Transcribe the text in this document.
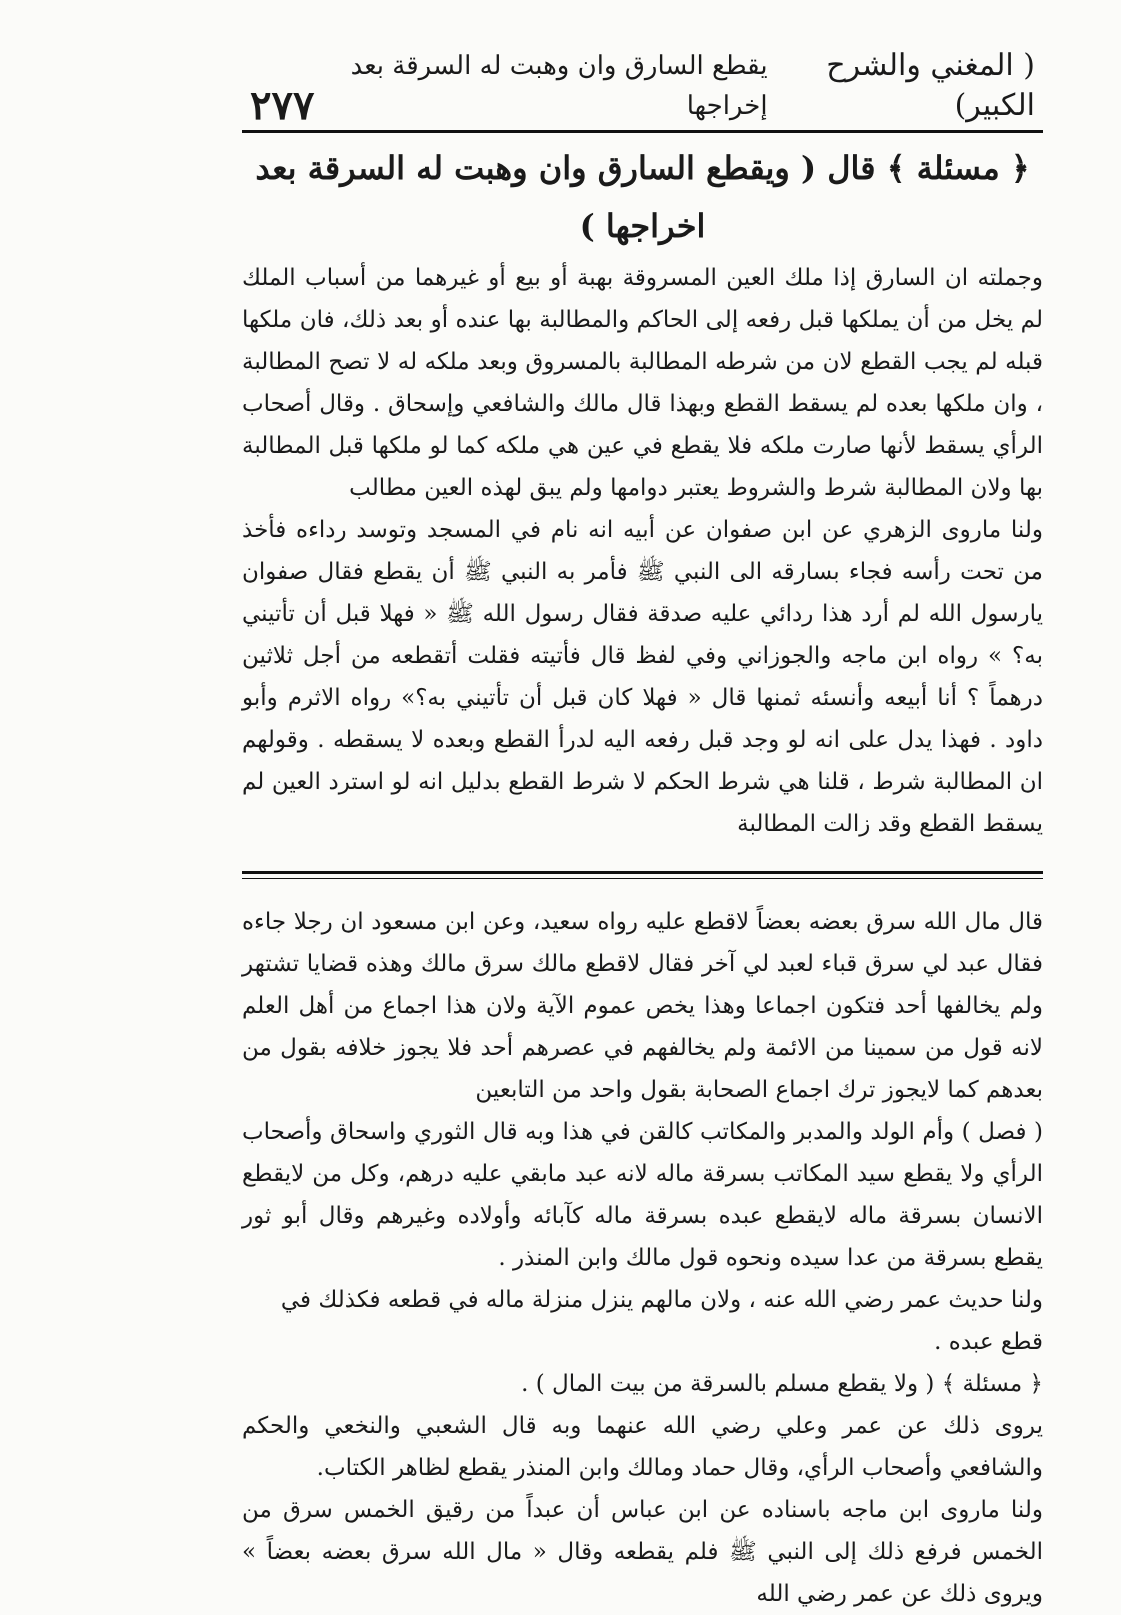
( المغني والشرح الكبير)
يقطع السارق وان وهبت له السرقة بعد إخراجها
٢٧٧
﴿ مسئلة ﴾ قال ( ويقطع السارق وان وهبت له السرقة بعد اخراجها )

وجملته ان السارق إذا ملك العين المسروقة بهبة أو بيع أو غيرهما من أسباب الملك لم يخل من أن يملكها قبل رفعه إلى الحاكم والمطالبة بها عنده أو بعد ذلك، فان ملكها قبله لم يجب القطع لان من شرطه المطالبة بالمسروق وبعد ملكه له لا تصح المطالبة ، وان ملكها بعده لم يسقط القطع وبهذا قال مالك والشافعي وإسحاق . وقال أصحاب الرأي يسقط لأنها صارت ملكه فلا يقطع في عين هي ملكه كما لو ملكها قبل المطالبة بها ولان المطالبة شرط والشروط يعتبر دوامها ولم يبق لهذه العين مطالب

ولنا ماروى الزهري عن ابن صفوان عن أبيه انه نام في المسجد وتوسد رداءه فأخذ من تحت رأسه فجاء بسارقه الى النبي ﷺ فأمر به النبي ﷺ أن يقطع فقال صفوان يارسول الله لم أرد هذا ردائي عليه صدقة فقال رسول الله ﷺ « فهلا قبل أن تأتيني به؟ » رواه ابن ماجه والجوزاني وفي لفظ قال فأتيته فقلت أتقطعه من أجل ثلاثين درهماً ؟ أنا أبيعه وأنسئه ثمنها قال « فهلا كان قبل أن تأتيني به؟» رواه الاثرم وأبو داود . فهذا يدل على انه لو وجد قبل رفعه اليه لدرأ القطع وبعده لا يسقطه . وقولهم ان المطالبة شرط ، قلنا هي شرط الحكم لا شرط القطع بدليل انه لو استرد العين لم يسقط القطع وقد زالت المطالبة

قال مال الله سرق بعضه بعضاً لاقطع عليه رواه سعيد، وعن ابن مسعود ان رجلا جاءه فقال عبد لي سرق قباء لعبد لي آخر فقال لاقطع مالك سرق مالك وهذه قضايا تشتهر ولم يخالفها أحد فتكون اجماعا وهذا يخص عموم الآية ولان هذا اجماع من أهل العلم لانه قول من سمينا من الائمة ولم يخالفهم في عصرهم أحد فلا يجوز خلافه بقول من بعدهم كما لايجوز ترك اجماع الصحابة بقول واحد من التابعين

( فصل ) وأم الولد والمدبر والمكاتب كالقن في هذا وبه قال الثوري واسحاق وأصحاب الرأي ولا يقطع سيد المكاتب بسرقة ماله لانه عبد مابقي عليه درهم، وكل من لايقطع الانسان بسرقة ماله لايقطع عبده بسرقة ماله كآبائه وأولاده وغيرهم وقال أبو ثور يقطع بسرقة من عدا سيده ونحوه قول مالك وابن المنذر .

ولنا حديث عمر رضي الله عنه ، ولان مالهم ينزل منزلة ماله في قطعه فكذلك في قطع عبده .

﴿ مسئلة ﴾ ( ولا يقطع مسلم بالسرقة من بيت المال ) .

يروى ذلك عن عمر وعلي رضي الله عنهما وبه قال الشعبي والنخعي والحكم والشافعي وأصحاب الرأي، وقال حماد ومالك وابن المنذر يقطع لظاهر الكتاب.

ولنا ماروى ابن ماجه باسناده عن ابن عباس أن عبداً من رقيق الخمس سرق من الخمس فرفع ذلك إلى النبي ﷺ فلم يقطعه وقال « مال الله سرق بعضه بعضاً » ويروى ذلك عن عمر رضي الله
